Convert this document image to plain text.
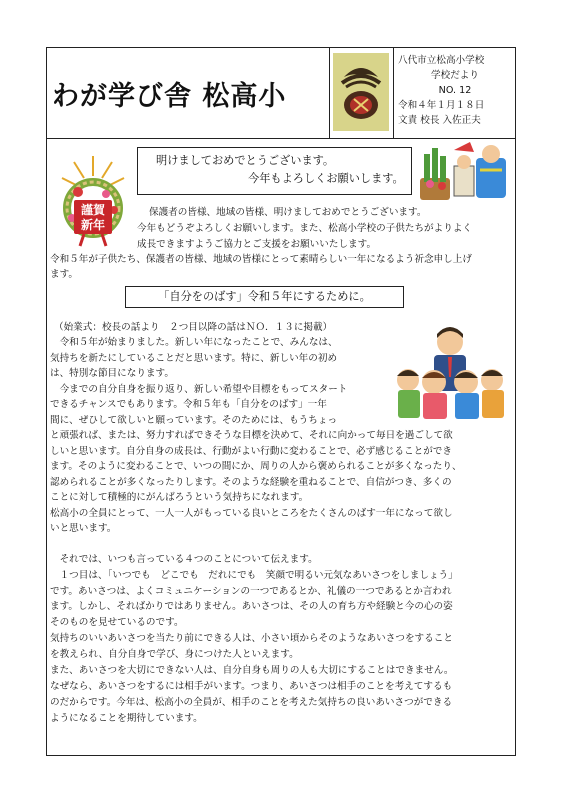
わが学び舎 松高小
八代市立松高小学校
学校だより
NO. 12
令和４年１月１８日
文責 校長 入佐正夫
謹賀
新年
明けましておめでとうございます。
今年もよろしくお願いします。
保護者の皆様、地域の皆様、明けましておめでとうございます。
今年もどうぞよろしくお願いします。また、松高小学校の子供たちがよりよく
成長できますようご協力とご支援をお願いいたします。
令和５年が子供たち、保護者の皆様、地域の皆様にとって素晴らしい一年になるよう祈念申し上げ
ます。
「自分をのばす」令和５年にするために。
（始業式：校長の話より　２つ目以降の話はＮＯ．１３に掲載）
　令和５年が始まりました。新しい年になったことで、みんなは、
気持ちを新たにしていることだと思います。特に、新しい年の初め
は、特別な節目になります。
　今までの自分自身を振り返り、新しい希望や目標をもってスタート
できるチャンスでもあります。令和５年も「自分をのばす」一年
間に、ぜひして欲しいと願っています。そのためには、もうちょっ
と頑張れば、または、努力すればできそうな目標を決めて、それに向かって毎日を過ごして欲
しいと思います。自分自身の成長は、行動がよい行動に変わることで、必ず感じることができ
ます。そのように変わることで、いつの間にか、周りの人から褒められることが多くなったり、
認められることが多くなったりします。そのような経験を重ねることで、自信がつき、多くの
ことに対して積極的にがんばろうという気持ちになれます。
松高小の全員にとって、一人一人がもっている良いところをたくさんのばす一年になって欲し
いと思います。
　それでは、いつも言っている４つのことについて伝えます。
　１つ目は、「いつでも　どこでも　だれにでも　笑顔で明るい元気なあいさつをしましょう」
です。あいさつは、よくコミュニケーションの一つであるとか、礼儀の一つであるとか言われ
ます。しかし、そればかりではありません。あいさつは、その人の育ち方や経験と今の心の姿
そのものを見せているのです。
気持ちのいいあいさつを当たり前にできる人は、小さい頃からそのようなあいさつをすること
を教えられ、自分自身で学び、身につけた人といえます。
また、あいさつを大切にできない人は、自分自身も周りの人も大切にすることはできません。
なぜなら、あいさつをするには相手がいます。つまり、あいさつは相手のことを考えてするも
のだからです。今年は、松高小の全員が、相手のことを考えた気持ちの良いあいさつができる
ようになることを期待しています。
